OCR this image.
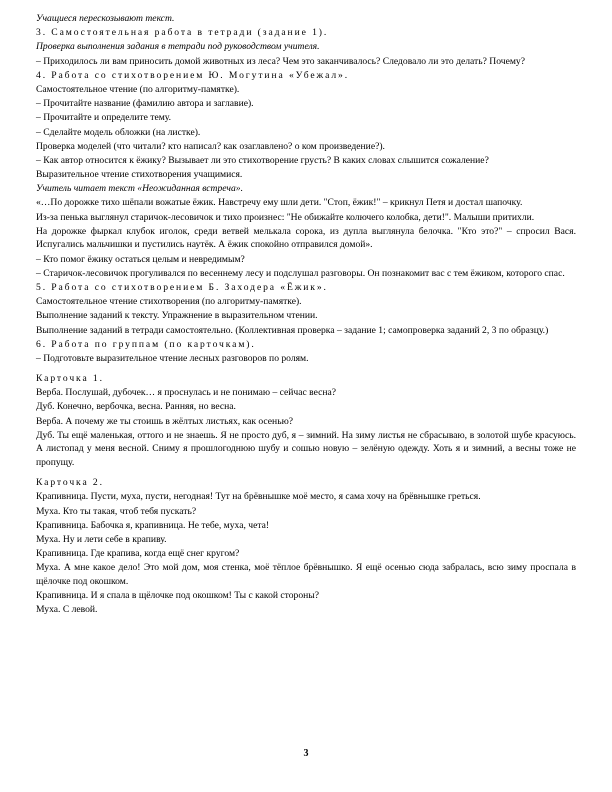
Учащиеся перескозывают текст.

3. Самостоятельная работа в тетради (задание 1).

Проверка выполнения задания в тетради под руководством учителя.

– Приходилось ли вам приносить домой животных из леса? Чем это заканчивалось? Следовало ли это делать? Почему?

4. Работа со стихотворением Ю. Могутина «Убежал».

Самостоятельное чтение (по алгоритму-памятке).

– Прочитайте название (фамилию автора и заглавие).

– Прочитайте и определите тему.

– Сделайте модель обложки (на листке).

Проверка моделей (что читали? кто написал? как озаглавлено? о ком произведение?).

– Как автор относится к ёжику? Вызывает ли это стихотворение грусть? В каких словах слышится сожаление?

Выразительное чтение стихотворения учащимися.

Учитель читает текст «Неожиданная встреча».

«…По дорожке тихо шёпали вожатые ёжик. Навстречу ему шли дети. "Стоп, ёжик!" – крикнул Петя и достал шапочку.

Из-за пенька выглянул старичок-лесовичок и тихо произнес: "Не обижайте колючего колобка, дети!". Малыши притихли.

На дорожке фыркал клубок иголок, среди ветвей мелькала сорока, из дупла выглянула белочка. "Кто это?" – спросил Вася. Испугались мальчишки и пустились наутёк. А ёжик спокойно отправился домой».

– Кто помог ёжику остаться целым и невредимым?

– Старичок-лесовичок прогуливался по весеннему лесу и подслушал разговоры. Он познакомит вас с тем ёжиком, которого спас.

5. Работа со стихотворением Б. Заходера «Ёжик».

Самостоятельное чтение стихотворения (по алгоритму-памятке).

Выполнение заданий к тексту. Упражнение в выразительном чтении.

Выполнение заданий в тетради самостоятельно. (Коллективная проверка – задание 1; самопроверка заданий 2, 3 по образцу.)

6. Работа по группам (по карточкам).

– Подготовьте выразительное чтение лесных разговоров по ролям.

Карточка 1.

Верба. Послушай, дубочек… я проснулась и не понимаю – сейчас весна?

Дуб. Конечно, вербочка, весна. Ранняя, но весна.

Верба. А почему же ты стоишь в жёлтых листьях, как осенью?

Дуб. Ты ещё маленькая, оттого и не знаешь. Я не просто дуб, я – зимний. На зиму листья не сбрасываю, в золотой шубе красуюсь. А листопад у меня весной. Сниму я прошлогоднюю шубу и сошью новую – зелёную одежду. Хоть я и зимний, а весны тоже не пропущу.

Карточка 2.

Крапивница. Пусти, муха, пусти, негодная! Тут на брёвнышке моё место, я сама хочу на брёвнышке греться.

Муха. Кто ты такая, чтоб тебя пускать?

Крапивница. Бабочка я, крапивница. Не тебе, муха, чета!

Муха. Ну и лети себе в крапиву.

Крапивница. Где крапива, когда ещё снег кругом?

Муха. А мне какое дело! Это мой дом, моя стенка, моё тёплое брёвнышко. Я ещё осенью сюда забралась, всю зиму проспала в щёлочке под окошком.

Крапивница. И я спала в щёлочке под окошком! Ты с какой стороны?

Муха. С левой.

3
